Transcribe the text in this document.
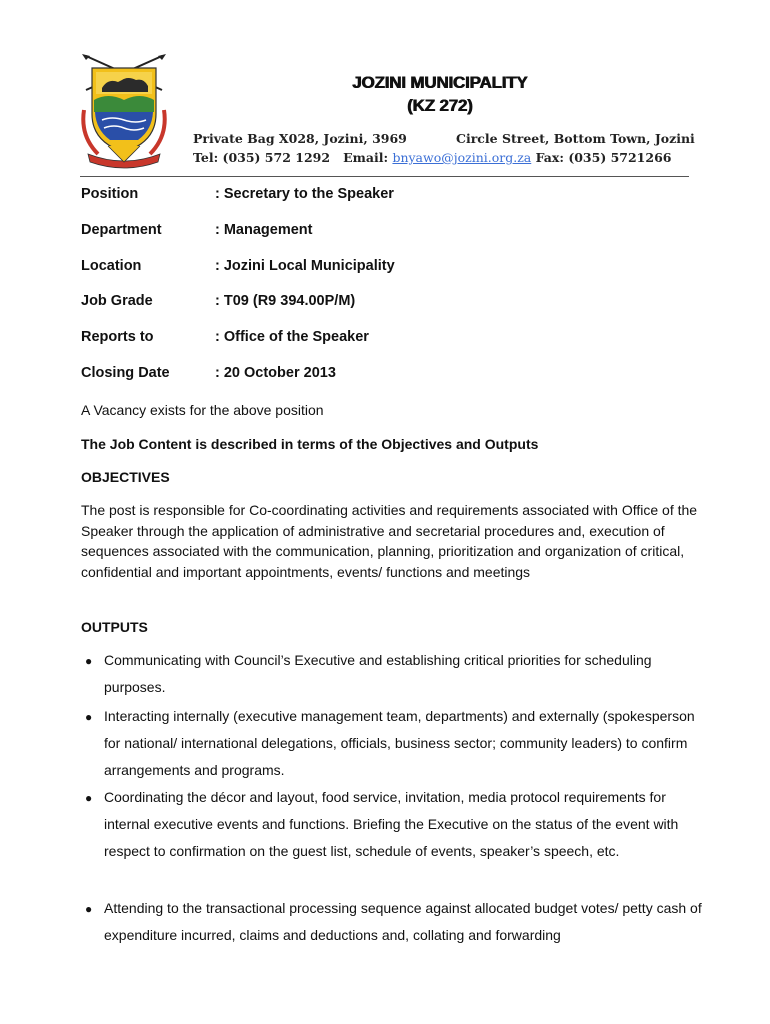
JOZINI MUNICIPALITY
(KZ 272)
Private Bag X028, Jozini, 3969	Circle Street, Bottom Town, Jozini
Tel: (035) 572 1292 Email: bnyawo@jozini.org.za Fax: (035) 5721266
Position	: Secretary to the Speaker
Department	: Management
Location	: Jozini Local Municipality
Job Grade	: T09 (R9 394.00P/M)
Reports to	: Office of the Speaker
Closing Date	: 20 October 2013
A Vacancy exists for the above position
The Job Content is described in terms of the Objectives and Outputs
OBJECTIVES
The post is responsible for Co-coordinating activities and requirements associated with Office of the Speaker through the application of administrative and secretarial procedures and, execution of sequences associated with the communication, planning, prioritization and organization of critical, confidential and important appointments, events/ functions and meetings
OUTPUTS
● Communicating with Council’s Executive and establishing critical priorities for scheduling purposes.
● Interacting internally (executive management team, departments) and externally (spokesperson for national/ international delegations, officials, business sector; community leaders) to confirm arrangements and programs.
● Coordinating the décor and layout, food service, invitation, media protocol requirements for internal executive events and functions. Briefing the Executive on the status of the event with respect to confirmation on the guest list, schedule of events, speaker’s speech, etc.
● Attending to the transactional processing sequence against allocated budget votes/ petty cash of expenditure incurred, claims and deductions and, collating and forwarding
